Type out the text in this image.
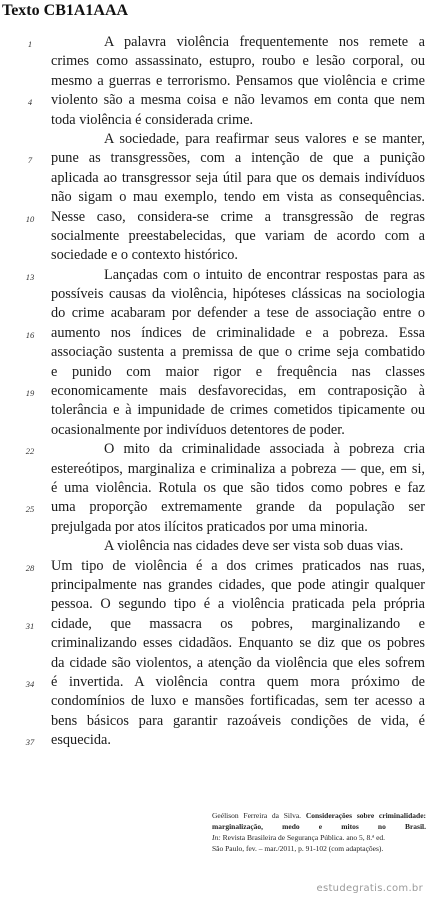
Texto CB1A1AAA
1	A palavra violência frequentemente nos remete a
crimes como assassinato, estupro, roubo e lesão corporal, ou
mesmo a guerras e terrorismo. Pensamos que violência e crime
4	violento são a mesma coisa e não levamos em conta que nem
toda violência é considerada crime.
A sociedade, para reafirmar seus valores e se manter,
7	pune as transgressões, com a intenção de que a punição
aplicada ao transgressor seja útil para que os demais indivíduos
não sigam o mau exemplo, tendo em vista as consequências.
10 Nesse caso, considera-se crime a transgressão de regras
socialmente preestabelecidas, que variam de acordo com a
sociedade e o contexto histórico.
13	Lançadas com o intuito de encontrar respostas para as
possíveis causas da violência, hipóteses clássicas na sociologia
do crime acabaram por defender a tese de associação entre o
16 aumento nos índices de criminalidade e a pobreza. Essa
associação sustenta a premissa de que o crime seja combatido
e punido com maior rigor e frequência nas classes
19 economicamente mais desfavorecidas, em contraposição à
tolerância e à impunidade de crimes cometidos tipicamente ou
ocasionalmente por indivíduos detentores de poder.
22	O mito da criminalidade associada à pobreza cria
estereótipos, marginaliza e criminaliza a pobreza — que, em si,
é uma violência. Rotula os que são tidos como pobres e faz
25 uma proporção extremamente grande da população ser
prejulgada por atos ilícitos praticados por uma minoria.
A violência nas cidades deve ser vista sob duas vias.
28 Um tipo de violência é a dos crimes praticados nas ruas,
principalmente nas grandes cidades, que pode atingir qualquer
pessoa. O segundo tipo é a violência praticada pela própria
31 cidade, que massacra os pobres, marginalizando e
criminalizando esses cidadãos. Enquanto se diz que os pobres
da cidade são violentos, a atenção da violência que eles sofrem
34 é invertida. A violência contra quem mora próximo de
condomínios de luxo e mansões fortificadas, sem ter acesso a
bens básicos para garantir razoáveis condições de vida, é
37 esquecida.
Geélison Ferreira da Silva. Considerações sobre criminalidade: marginalização, medo e mitos no Brasil.
In: Revista Brasileira de Segurança Pública. ano 5, 8.ª ed.
São Paulo, fev. – mar./2011, p. 91-102 (com adaptações).
estudegratis.com.br
